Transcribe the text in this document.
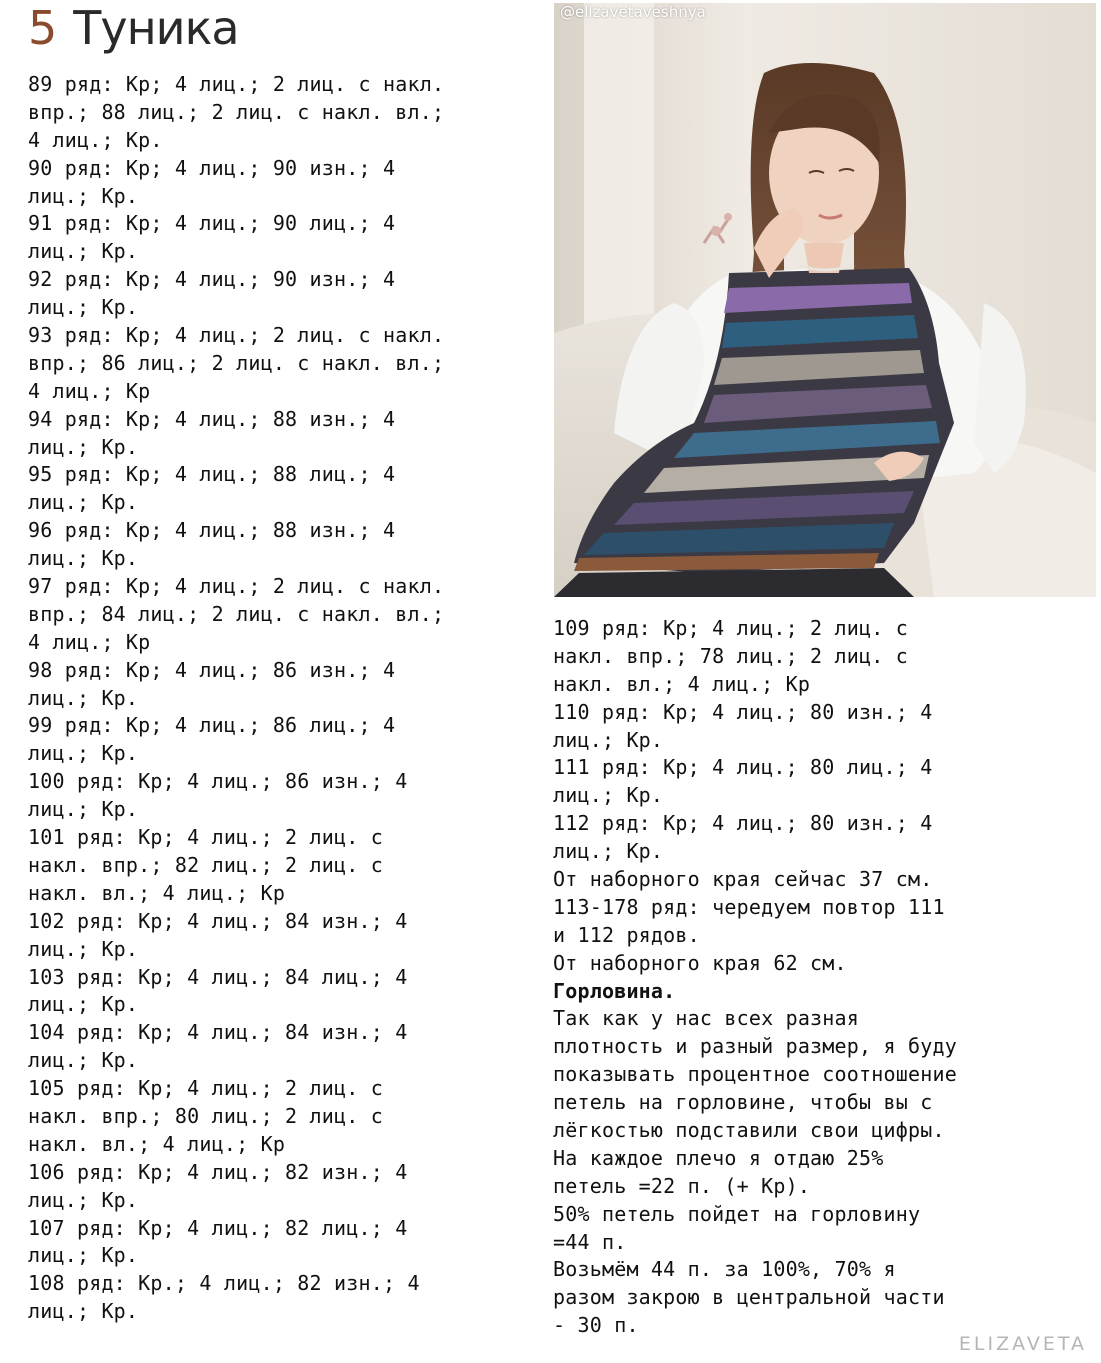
5 Туника
89 ряд: Кр; 4 лиц.; 2 лиц. с накл.
впр.; 88 лиц.; 2 лиц. с накл. вл.;
4 лиц.; Кр.
90 ряд: Кр; 4 лиц.; 90 изн.; 4
лиц.; Кр.
91 ряд: Кр; 4 лиц.; 90 лиц.; 4
лиц.; Кр.
92 ряд: Кр; 4 лиц.; 90 изн.; 4
лиц.; Кр.
93 ряд: Кр; 4 лиц.; 2 лиц. с накл.
впр.; 86 лиц.; 2 лиц. с накл. вл.;
4 лиц.; Кр
94 ряд: Кр; 4 лиц.; 88 изн.; 4
лиц.; Кр.
95 ряд: Кр; 4 лиц.; 88 лиц.; 4
лиц.; Кр.
96 ряд: Кр; 4 лиц.; 88 изн.; 4
лиц.; Кр.
97 ряд: Кр; 4 лиц.; 2 лиц. с накл.
впр.; 84 лиц.; 2 лиц. с накл. вл.;
4 лиц.; Кр
98 ряд: Кр; 4 лиц.; 86 изн.; 4
лиц.; Кр.
99 ряд: Кр; 4 лиц.; 86 лиц.; 4
лиц.; Кр.
100 ряд: Кр; 4 лиц.; 86 изн.; 4
лиц.; Кр.
101 ряд: Кр; 4 лиц.; 2 лиц. с
накл. впр.; 82 лиц.; 2 лиц. с
накл. вл.; 4 лиц.; Кр
102 ряд: Кр; 4 лиц.; 84 изн.; 4
лиц.; Кр.
103 ряд: Кр; 4 лиц.; 84 лиц.; 4
лиц.; Кр.
104 ряд: Кр; 4 лиц.; 84 изн.; 4
лиц.; Кр.
105 ряд: Кр; 4 лиц.; 2 лиц. с
накл. впр.; 80 лиц.; 2 лиц. с
накл. вл.; 4 лиц.; Кр
106 ряд: Кр; 4 лиц.; 82 изн.; 4
лиц.; Кр.
107 ряд: Кр; 4 лиц.; 82 лиц.; 4
лиц.; Кр.
108 ряд: Кр.; 4 лиц.; 82 изн.; 4
лиц.; Кр.
@elizavetaveshnya
109 ряд: Кр; 4 лиц.; 2 лиц. с
накл. впр.; 78 лиц.; 2 лиц. с
накл. вл.; 4 лиц.; Кр
110 ряд: Кр; 4 лиц.; 80 изн.; 4
лиц.; Кр.
111 ряд: Кр; 4 лиц.; 80 лиц.; 4
лиц.; Кр.
112 ряд: Кр; 4 лиц.; 80 изн.; 4
лиц.; Кр.
От наборного края сейчас 37 см.
113-178 ряд: чередуем повтор 111
и 112 рядов.
От наборного края 62 см.
Горловина.
Так как у нас всех разная
плотность и разный размер, я буду
показывать процентное соотношение
петель на горловине, чтобы вы с
лёгкостью подставили свои цифры.
На каждое плечо я отдаю 25%
петель =22 п. (+ Кр).
50% петель пойдет на горловину
=44 п.
Возьмём 44 п. за 100%, 70% я
разом закрою в центральной части
- 30 п.
ELIZAVETA
